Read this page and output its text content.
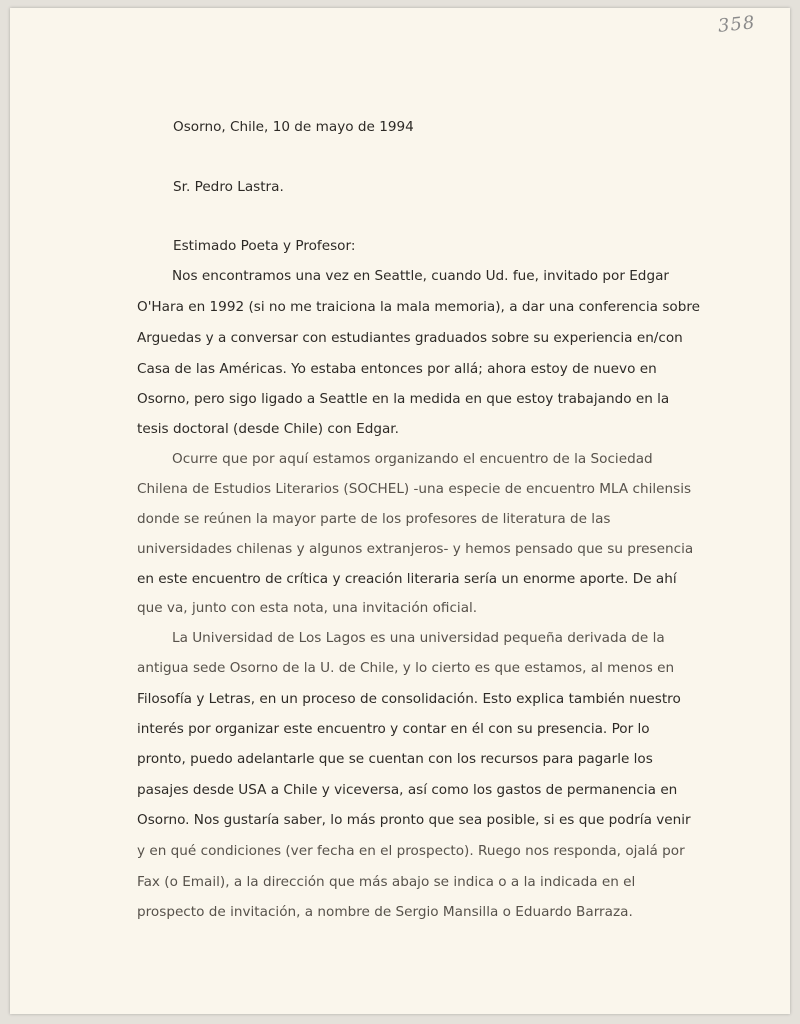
358
Osorno, Chile, 10 de mayo de 1994
Sr. Pedro Lastra.
Estimado Poeta y Profesor:
Nos encontramos una vez en Seattle, cuando Ud. fue, invitado por Edgar
O'Hara en 1992 (si no me traiciona la mala memoria), a dar una conferencia sobre
Arguedas y a conversar con estudiantes graduados sobre su experiencia en/con
Casa de las Américas. Yo estaba entonces por allá; ahora estoy de nuevo en
Osorno, pero sigo ligado a Seattle en la medida en que estoy trabajando en la
tesis doctoral (desde Chile) con Edgar.
Ocurre que por aquí estamos organizando el encuentro de la Sociedad
Chilena de Estudios Literarios (SOCHEL) -una especie de encuentro MLA chilensis
donde se reúnen la mayor parte de los profesores de literatura de las
universidades chilenas y algunos extranjeros- y hemos pensado que su presencia
en este encuentro de crítica y creación literaria sería un enorme aporte. De ahí
que va, junto con esta nota, una invitación oficial.
La Universidad de Los Lagos es una universidad pequeña derivada de la
antigua sede Osorno de la U. de Chile, y lo cierto es que estamos, al menos en
Filosofía y Letras, en un proceso de consolidación. Esto explica también nuestro
interés por organizar este encuentro y contar en él con su presencia. Por lo
pronto, puedo adelantarle que se cuentan con los recursos para pagarle los
pasajes desde USA a Chile y viceversa, así como los gastos de permanencia en
Osorno. Nos gustaría saber, lo más pronto que sea posible, si es que podría venir
y en qué condiciones (ver fecha en el prospecto). Ruego nos responda, ojalá por
Fax (o Email), a la dirección que más abajo se indica o a la indicada en el
prospecto de invitación, a nombre de Sergio Mansilla o Eduardo Barraza.
